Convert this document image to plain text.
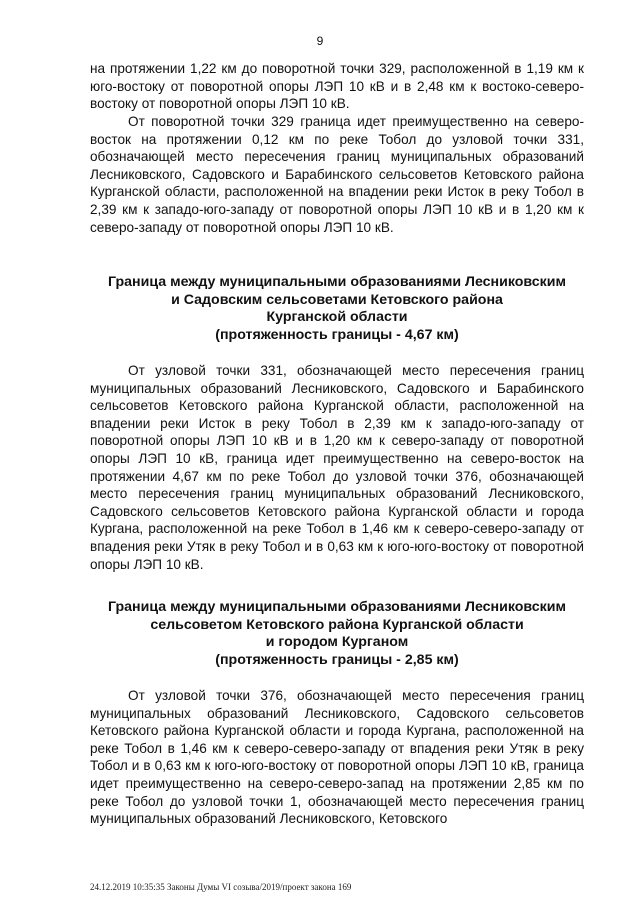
9

на протяжении 1,22 км до поворотной точки 329, расположенной в 1,19 км к юго-востоку от поворотной опоры ЛЭП 10 кВ и в 2,48 км к востоко-северо-востоку от поворотной опоры ЛЭП 10 кВ.

От поворотной точки 329 граница идет преимущественно на северо-восток на протяжении 0,12 км по реке Тобол до узловой точки 331, обозначающей место пересечения границ муниципальных образований Лесниковского, Садовского и Барабинского сельсоветов Кетовского района Курганской области, расположенной на впадении реки Исток в реку Тобол в 2,39 км к западо-юго-западу от поворотной опоры ЛЭП 10 кВ и в 1,20 км к северо-западу от поворотной опоры ЛЭП 10 кВ.

Граница между муниципальными образованиями Лесниковским
и Садовским сельсоветами Кетовского района
Курганской области
(протяженность границы - 4,67 км)

От узловой точки 331, обозначающей место пересечения границ муниципальных образований Лесниковского, Садовского и Барабинского сельсоветов Кетовского района Курганской области, расположенной на впадении реки Исток в реку Тобол в 2,39 км к западо-юго-западу от поворотной опоры ЛЭП 10 кВ и в 1,20 км к северо-западу от поворотной опоры ЛЭП 10 кВ, граница идет преимущественно на северо-восток на протяжении 4,67 км по реке Тобол до узловой точки 376, обозначающей место пересечения границ муниципальных образований Лесниковского, Садовского сельсоветов Кетовского района Курганской области и города Кургана, расположенной на реке Тобол в 1,46 км к северо-северо-западу от впадения реки Утяк в реку Тобол и в 0,63 км к юго-юго-востоку от поворотной опоры ЛЭП 10 кВ.

Граница между муниципальными образованиями Лесниковским
сельсоветом Кетовского района Курганской области
и городом Курганом
(протяженность границы - 2,85 км)

От узловой точки 376, обозначающей место пересечения границ муниципальных образований Лесниковского, Садовского сельсоветов Кетовского района Курганской области и города Кургана, расположенной на реке Тобол в 1,46 км к северо-северо-западу от впадения реки Утяк в реку Тобол и в 0,63 км к юго-юго-востоку от поворотной опоры ЛЭП 10 кВ, граница идет преимущественно на северо-северо-запад на протяжении 2,85 км по реке Тобол до узловой точки 1, обозначающей место пересечения границ муниципальных образований Лесниковского, Кетовского

24.12.2019 10:35:35 Законы Думы VI созыва/2019/проект закона 169
